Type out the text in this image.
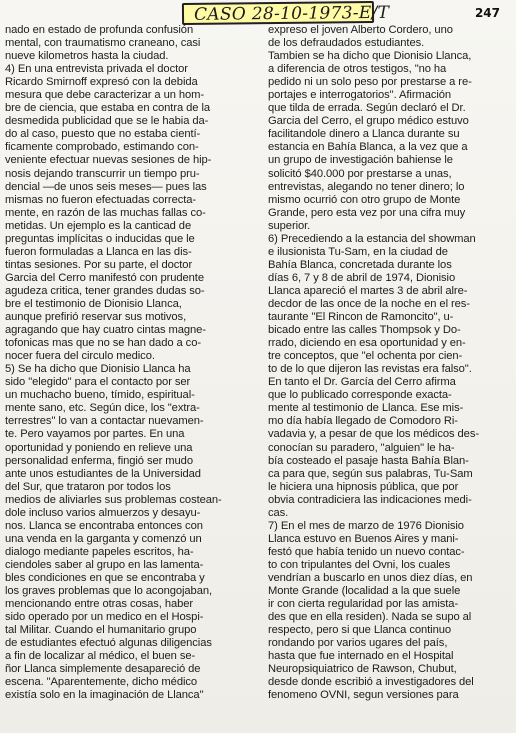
CASO 28-10-1973-E/T	247
nado en estado de profunda confusión
mental, con traumatismo craneano, casi
nueve kilometros hasta la ciudad.
4) En una entrevista privada el doctor
Ricardo Smirnoff expresó con la debida
mesura que debe caracterizar a un hom-
bre de ciencia, que estaba en contra de la
desmedida publicidad que se le habia da-
do al caso, puesto que no estaba cientí-
ficamente comprobado, estimando con-
veniente efectuar nuevas sesiones de hip-
nosis dejando transcurrir un tiempo pru-
dencial —de unos seis meses— pues las
mismas no fueron efectuadas correcta-
mente, en razón de las muchas fallas co-
metidas. Un ejemplo es la canticad de
preguntas implícitas o inducidas que le
fueron formuladas a Llanca en las dis-
tintas sesiones. Por su parte, el doctor
Garcia del Cerro manifestó con prudente
agudeza critica, tener grandes dudas so-
bre el testimonio de Dionisio Llanca,
aunque prefirió reservar sus motivos,
agragando que hay cuatro cintas magne-
tofonicas mas que no se han dado a co-
nocer fuera del circulo medico.
5) Se ha dicho que Dionisio Llanca ha
sido "elegido" para el contacto por ser
un muchacho bueno, tímido, espiritual-
mente sano, etc. Según dice, los "extra-
terrestres" lo van a contactar nuevamen-
te. Pero vayamos por partes. En una
oportunidad y poniendo en relieve una
personalidad enferma, fingió ser mudo
ante unos estudiantes de la Universidad
del Sur, que trataron por todos los
medios de aliviarles sus problemas costean-
dole incluso varios almuerzos y desayu-
nos. Llanca se encontraba entonces con
una venda en la garganta y comenzó un
dialogo mediante papeles escritos, ha-
ciendoles saber al grupo en las lamenta-
bles condiciones en que se encontraba y
los graves problemas que lo acongojaban,
mencionando entre otras cosas, haber
sido operado por un medico en el Hospi-
tal Militar. Cuando el humanitario grupo
de estudiantes efectuó algunas diligencias
a fin de localizar al médico, el buen se-
ñor Llanca simplemente desapareció de
escena. "Aparentemente, dicho médico
existía solo en la imaginación de Llanca"
expreso el joven Alberto Cordero, uno
de los defraudados estudiantes.
Tambien se ha dicho que Dionisio Llanca,
a diferencia de otros testigos, "no ha
pedido ni un solo peso por prestarse a re-
portajes e interrogatorios". Afirmación
que tilda de errada. Según declaró el Dr.
Garcia del Cerro, el grupo médico estuvo
facilitandole dinero a Llanca durante su
estancia en Bahía Blanca, a la vez que a
un grupo de investigación bahiense le
solicitó $40.000 por prestarse a unas,
entrevistas, alegando no tener dinero; lo
mismo ocurrió con otro grupo de Monte
Grande, pero esta vez por una cifra muy
superior.
6) Precediendo a la estancia del showman
e ilusionista Tu-Sam, en la ciudad de
Bahía Blanca, concretada durante los
días 6, 7 y 8 de abril de 1974, Dionisio
Llanca apareció el martes 3 de abril alre-
decdor de las once de la noche en el res-
taurante "El Rincon de Ramoncito", u-
bicado entre las calles Thompsok y Do-
rrado, diciendo en esa oportunidad y en-
tre conceptos, que "el ochenta por cien-
to de lo que dijeron las revistas era falso".
En tanto el Dr. García del Cerro afirma
que lo publicado corresponde exacta-
mente al testimonio de Llanca. Ese mis-
mo día había llegado de Comodoro Ri-
vadavia y, a pesar de que los médicos des-
conocían su paradero, "alguien" le ha-
bía costeado el pasaje hasta Bahía Blan-
ca para que, según sus palabras, Tu-Sam
le hiciera una hipnosis pública, que por
obvia contradiciera las indicaciones medi-
cas.
7) En el mes de marzo de 1976 Dionisio
Llanca estuvo en Buenos Aires y mani-
festó que había tenido un nuevo contac-
to con tripulantes del Ovni, los cuales
vendrían a buscarlo en unos diez días, en
Monte Grande (localidad a la que suele
ir con cierta regularidad por las amista-
des que en ella residen). Nada se supo al
respecto, pero si que Llanca continuo
rondando por varios ugares del país,
hasta que fue internado en el Hospital
Neuropsiquiatrico de Rawson, Chubut,
desde donde escribió a investigadores del
fenomeno OVNI, segun versiones para
